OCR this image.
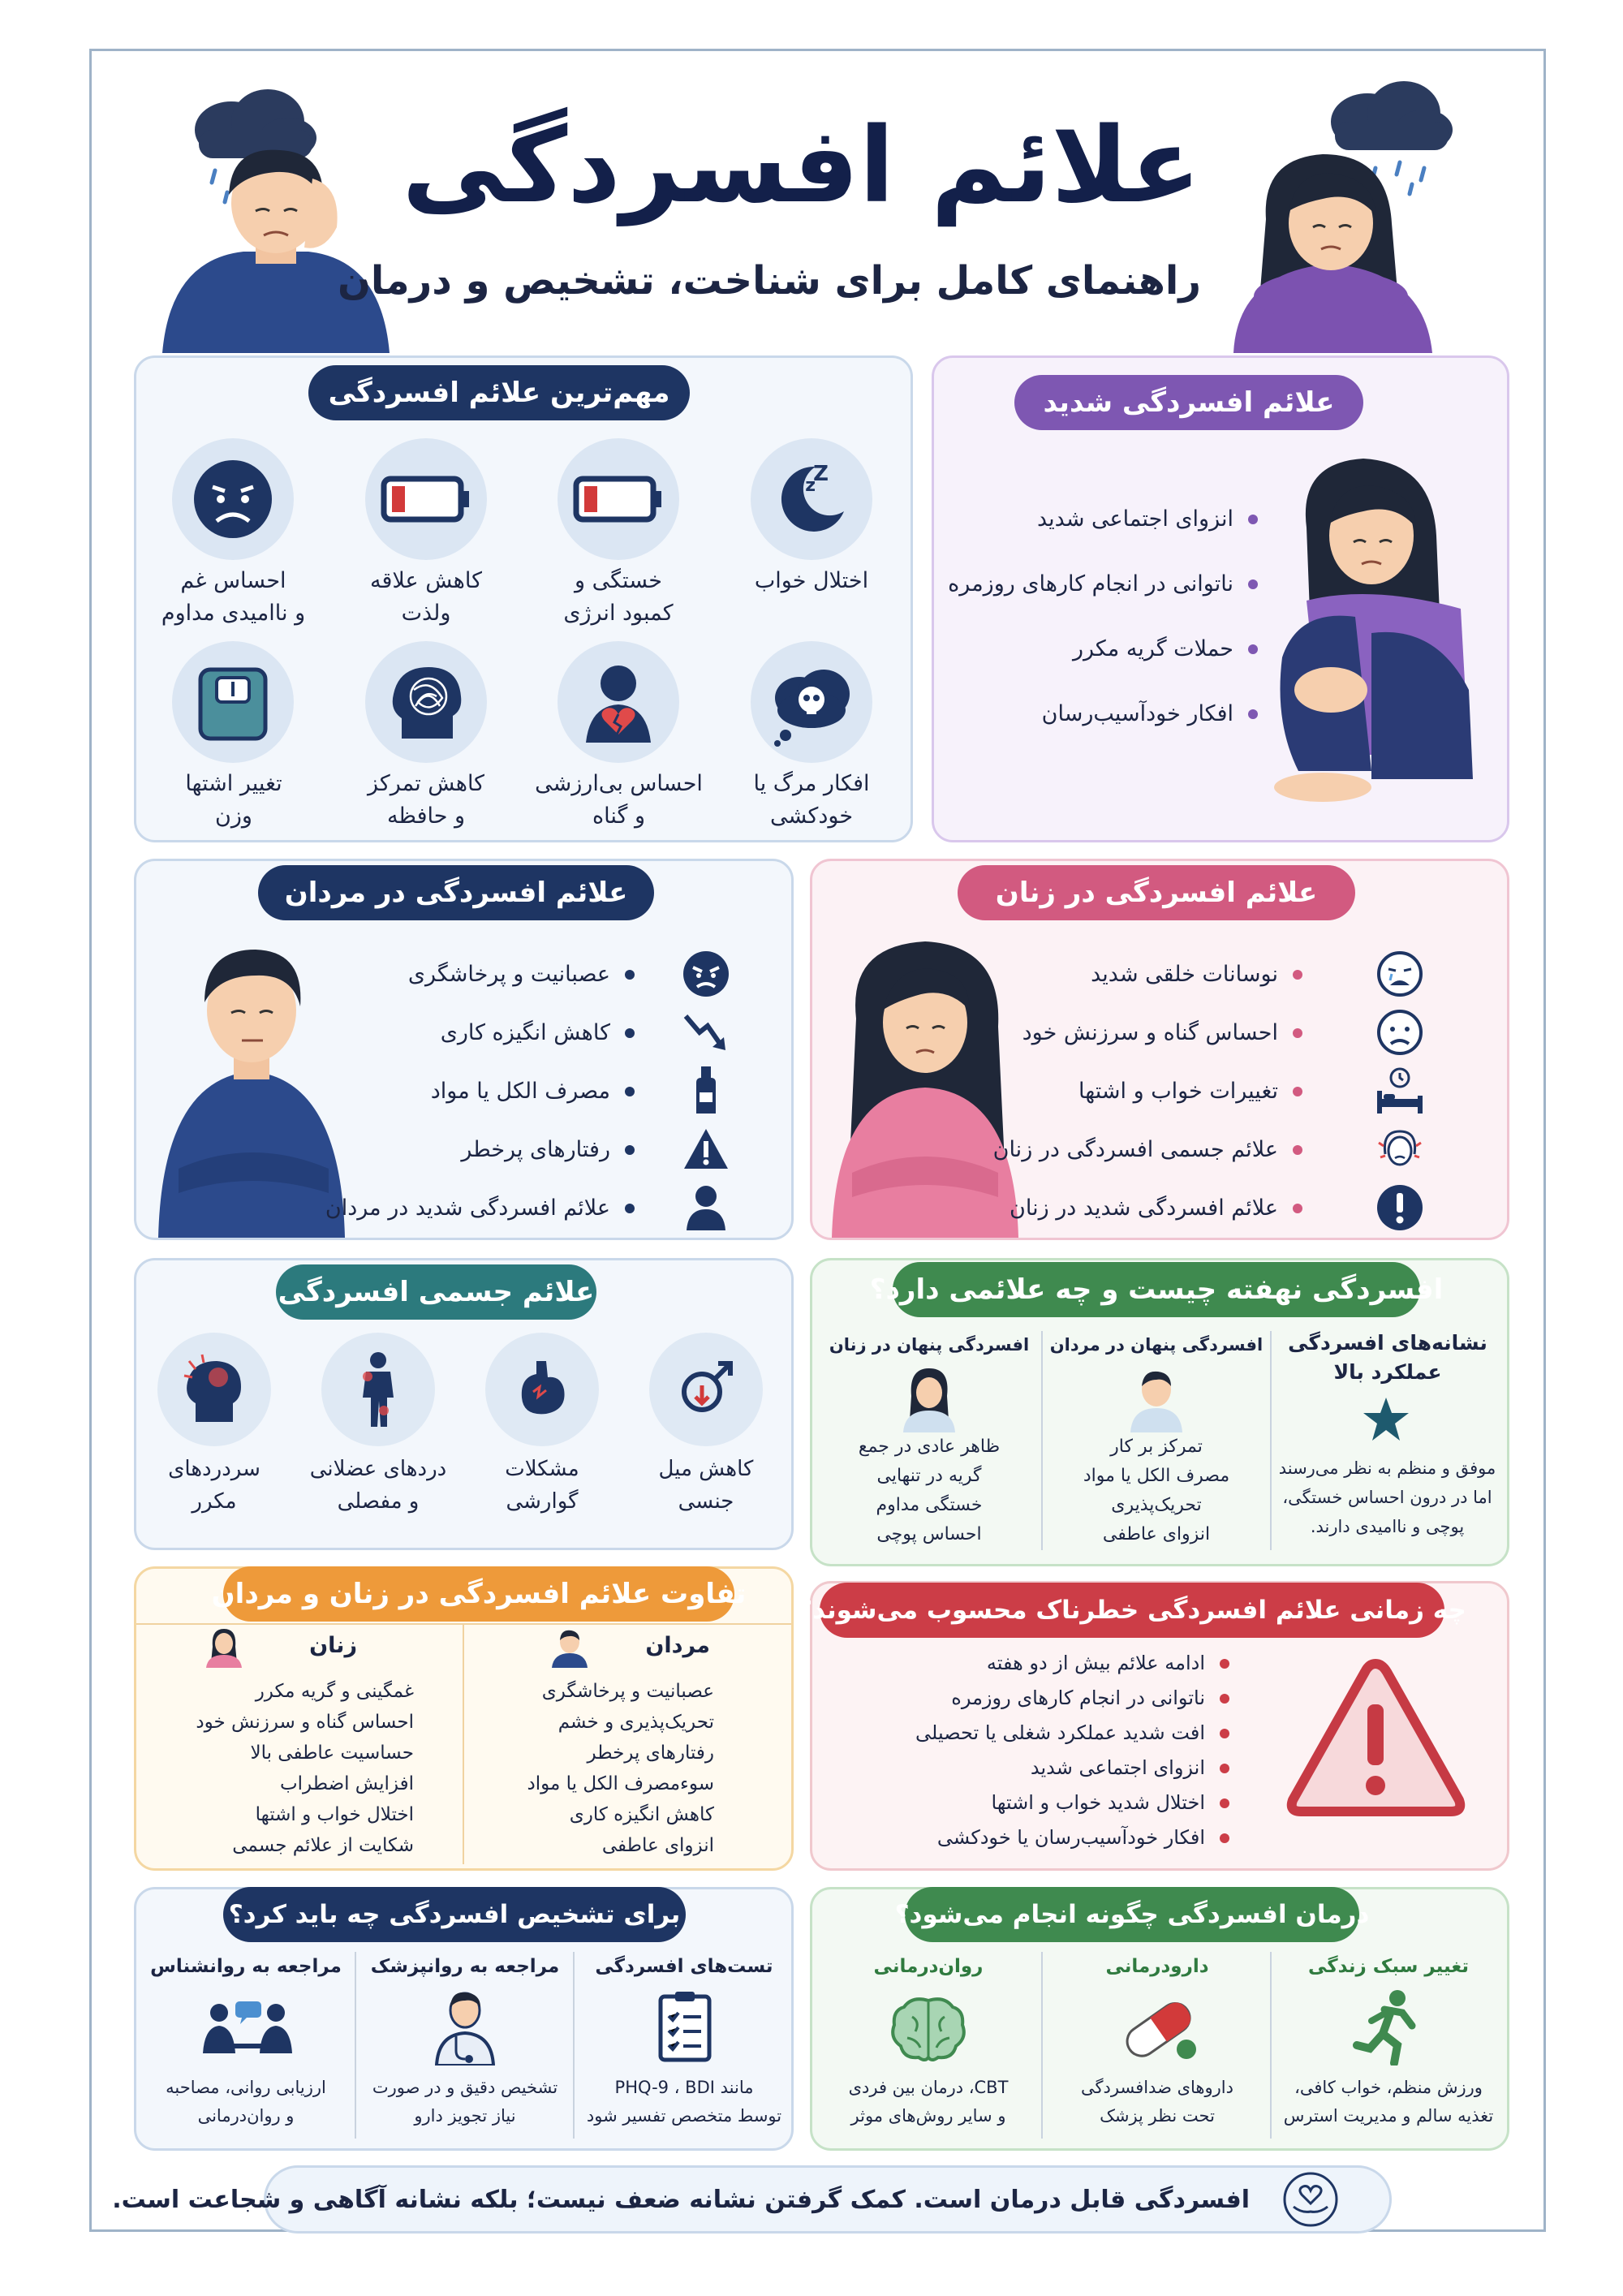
علائم افسردگی
راهنمای کامل برای شناخت، تشخیص و درمان
مهم‌ترین علائم افسردگی
z
Z
اختلال خواب
خستگی و
کمبود انرژی
کاهش علاقه
ولذت
احساس غم
و ناامیدی مداوم
افکار مرگ یا
خودکشی
احساس بی‌ارزشی
و گناه
کاهش تمرکز
و حافظه
تغییر اشتها
وزن
علائم افسردگی شدید
انزوای اجتماعی شدید
ناتوانی در انجام کارهای روزمره
حملات گریه مکرر
افکار خودآسیب‌رسان
علائم افسردگی در مردان
عصبانیت و پرخاشگری
کاهش انگیزه کاری
مصرف الکل یا مواد
رفتارهای پرخطر
علائم افسردگی شدید در مردان
علائم افسردگی در زنان
نوسانات خلقی شدید
احساس گناه و سرزنش خود
تغییرات خواب و اشتها
علائم جسمی افسردگی در زنان
علائم افسردگی شدید در زنان
علائم جسمی افسردگی
کاهش میل
جنسی
مشکلات
گوارشی
دردهای عضلانی
و مفصلی
سردردهای
مکرر
افسردگی نهفته چیست و چه علائمی دارد؟
نشانه‌های افسردگی
عملکرد بالا
موفق و منظم به نظر می‌رسند
اما در درون احساس خستگی،
پوچی و ناامیدی دارند.
افسردگی پنهان در مردان
تمرکز بر کار
مصرف الکل یا مواد
تحریک‌پذیری
انزوای عاطفی
افسردگی پنهان در زنان
ظاهر عادی در جمع
گریه در تنهایی
خستگی مداوم
احساس پوچی
تفاوت علائم افسردگی در زنان و مردان
مردان
زنان
عصبانیت و پرخاشگری
تحریک‌پذیری و خشم
رفتارهای پرخطر
سوءمصرف الکل یا مواد
کاهش انگیزه کاری
انزوای عاطفی
غمگینی و گریه مکرر
احساس گناه و سرزنش خود
حساسیت عاطفی بالا
افزایش اضطراب
اختلال خواب و اشتها
شکایت از علائم جسمی
چه زمانی علائم افسردگی خطرناک محسوب می‌شوند؟
ادامه علائم بیش از دو هفته
ناتوانی در انجام کارهای روزمره
افت شدید عملکرد شغلی یا تحصیلی
انزوای اجتماعی شدید
اختلال شدید خواب و اشتها
افکار خودآسیب‌رسان یا خودکشی
برای تشخیص افسردگی چه باید کرد؟
تست‌های افسردگی
مانند PHQ-9 ، BDI
توسط متخصص تفسیر شود
مراجعه به روانپزشک
تشخیص دقیق و در صورت
نیاز تجویز دارو
مراجعه به روانشناس
ارزیابی روانی، مصاحبه
و روان‌درمانی
درمان افسردگی چگونه انجام می‌شود؟
تغییر سبک زندگی
ورزش منظم، خواب کافی،
تغذیه سالم و مدیریت استرس
دارودرمانی
داروهای ضدافسردگی
تحت نظر پزشک
روان‌درمانی
CBT، درمان بین فردی
و سایر روش‌های موثر
افسردگی قابل درمان است. کمک گرفتن نشانه ضعف نیست؛ بلکه نشانه آگاهی و شجاعت است.
